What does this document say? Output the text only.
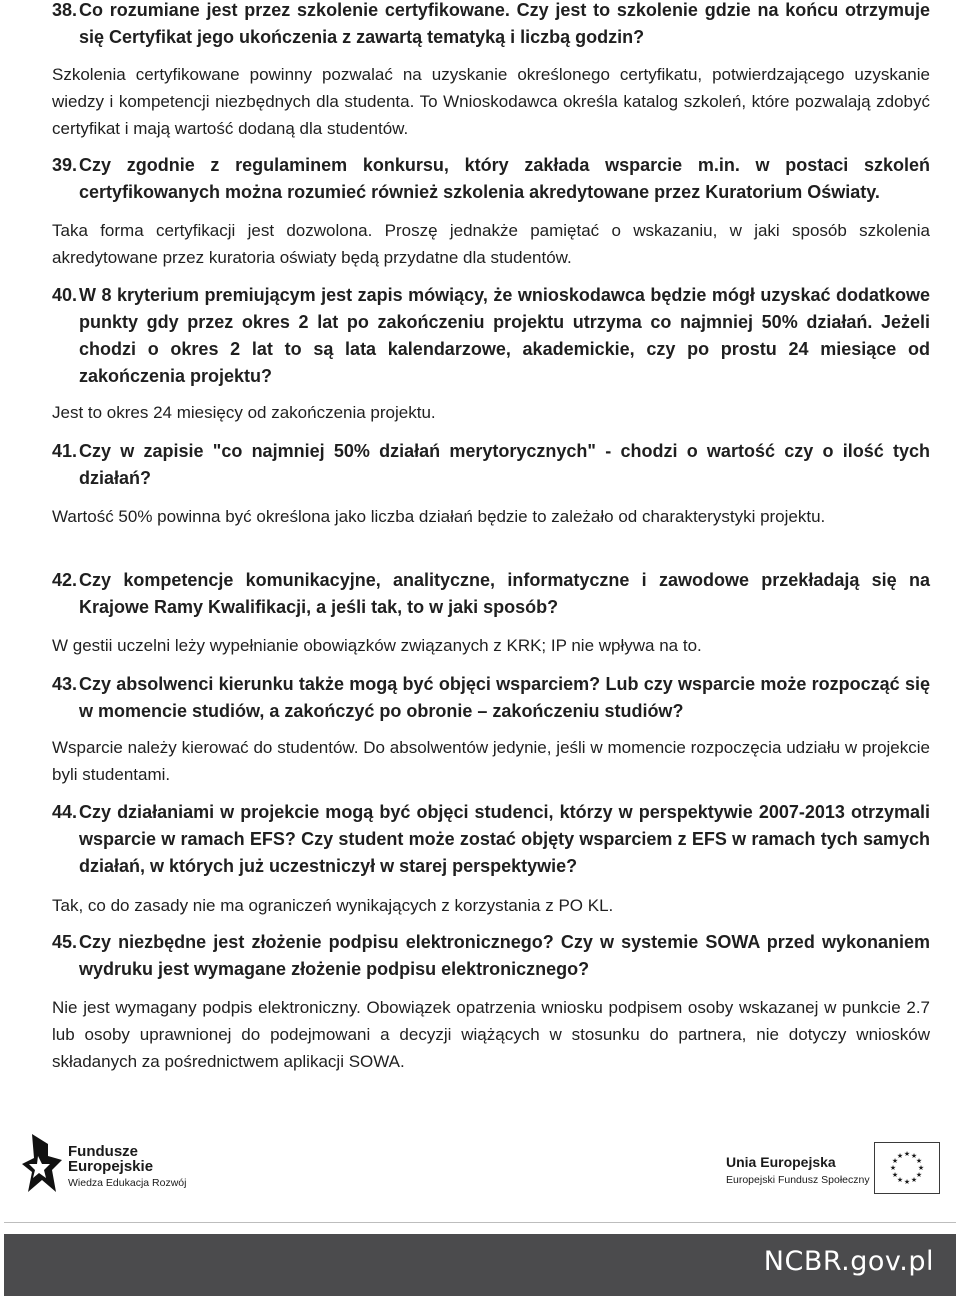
38. Co rozumiane jest przez szkolenie certyfikowane. Czy jest to szkolenie gdzie na końcu otrzymuje się Certyfikat jego ukończenia z zawartą tematyką i liczbą godzin?
Szkolenia certyfikowane powinny pozwalać na uzyskanie określonego certyfikatu, potwierdzającego uzyskanie wiedzy i kompetencji niezbędnych dla studenta. To Wnioskodawca określa katalog szkoleń, które pozwalają zdobyć certyfikat i mają wartość dodaną dla studentów.
39. Czy zgodnie z regulaminem konkursu, który zakłada wsparcie m.in. w postaci szkoleń certyfikowanych można rozumieć również szkolenia akredytowane przez Kuratorium Oświaty.
Taka forma certyfikacji jest dozwolona. Proszę jednakże pamiętać o wskazaniu, w jaki sposób szkolenia akredytowane przez kuratoria oświaty będą przydatne dla studentów.
40. W 8 kryterium premiującym jest zapis mówiący, że wnioskodawca będzie mógł uzyskać dodatkowe punkty gdy przez okres 2 lat po zakończeniu projektu utrzyma co najmniej 50% działań. Jeżeli chodzi o okres 2 lat to są lata kalendarzowe, akademickie, czy po prostu 24 miesiące od zakończenia projektu?
Jest to okres 24 miesięcy od zakończenia projektu.
41. Czy w zapisie "co najmniej 50% działań merytorycznych" - chodzi o wartość czy o ilość tych działań?
Wartość 50% powinna być określona jako liczba działań będzie to zależało od charakterystyki projektu.
42. Czy kompetencje komunikacyjne, analityczne, informatyczne i zawodowe przekładają się na Krajowe Ramy Kwalifikacji, a jeśli tak, to w jaki sposób?
W gestii uczelni leży wypełnianie obowiązków związanych z KRK; IP nie wpływa na to.
43. Czy absolwenci kierunku także mogą być objęci wsparciem? Lub czy wsparcie może rozpocząć się w momencie studiów, a zakończyć po obronie – zakończeniu studiów?
Wsparcie należy kierować do studentów. Do absolwentów jedynie, jeśli w momencie rozpoczęcia udziału w projekcie byli studentami.
44. Czy działaniami w projekcie mogą być objęci studenci, którzy w perspektywie 2007-2013 otrzymali wsparcie w ramach EFS? Czy student może zostać objęty wsparciem z EFS w ramach tych samych działań, w których już uczestniczył w starej perspektywie?
Tak, co do zasady nie ma ograniczeń wynikających z korzystania z PO KL.
45. Czy niezbędne jest złożenie podpisu elektronicznego? Czy w systemie SOWA przed wykonaniem wydruku jest wymagane złożenie podpisu elektronicznego?
Nie jest wymagany podpis elektroniczny. Obowiązek opatrzenia wniosku podpisem osoby wskazanej w punkcie 2.7 lub osoby uprawnionej do podejmowani a decyzji wiążących w stosunku do partnera, nie dotyczy wniosków składanych za pośrednictwem aplikacji SOWA.
Fundusze
Europejskie
Wiedza Edukacja Rozwój
Unia Europejska
Europejski Fundusz Społeczny
★ ★
★
★
★
★
★
★
★
★
★
★
NCBR.gov.pl
